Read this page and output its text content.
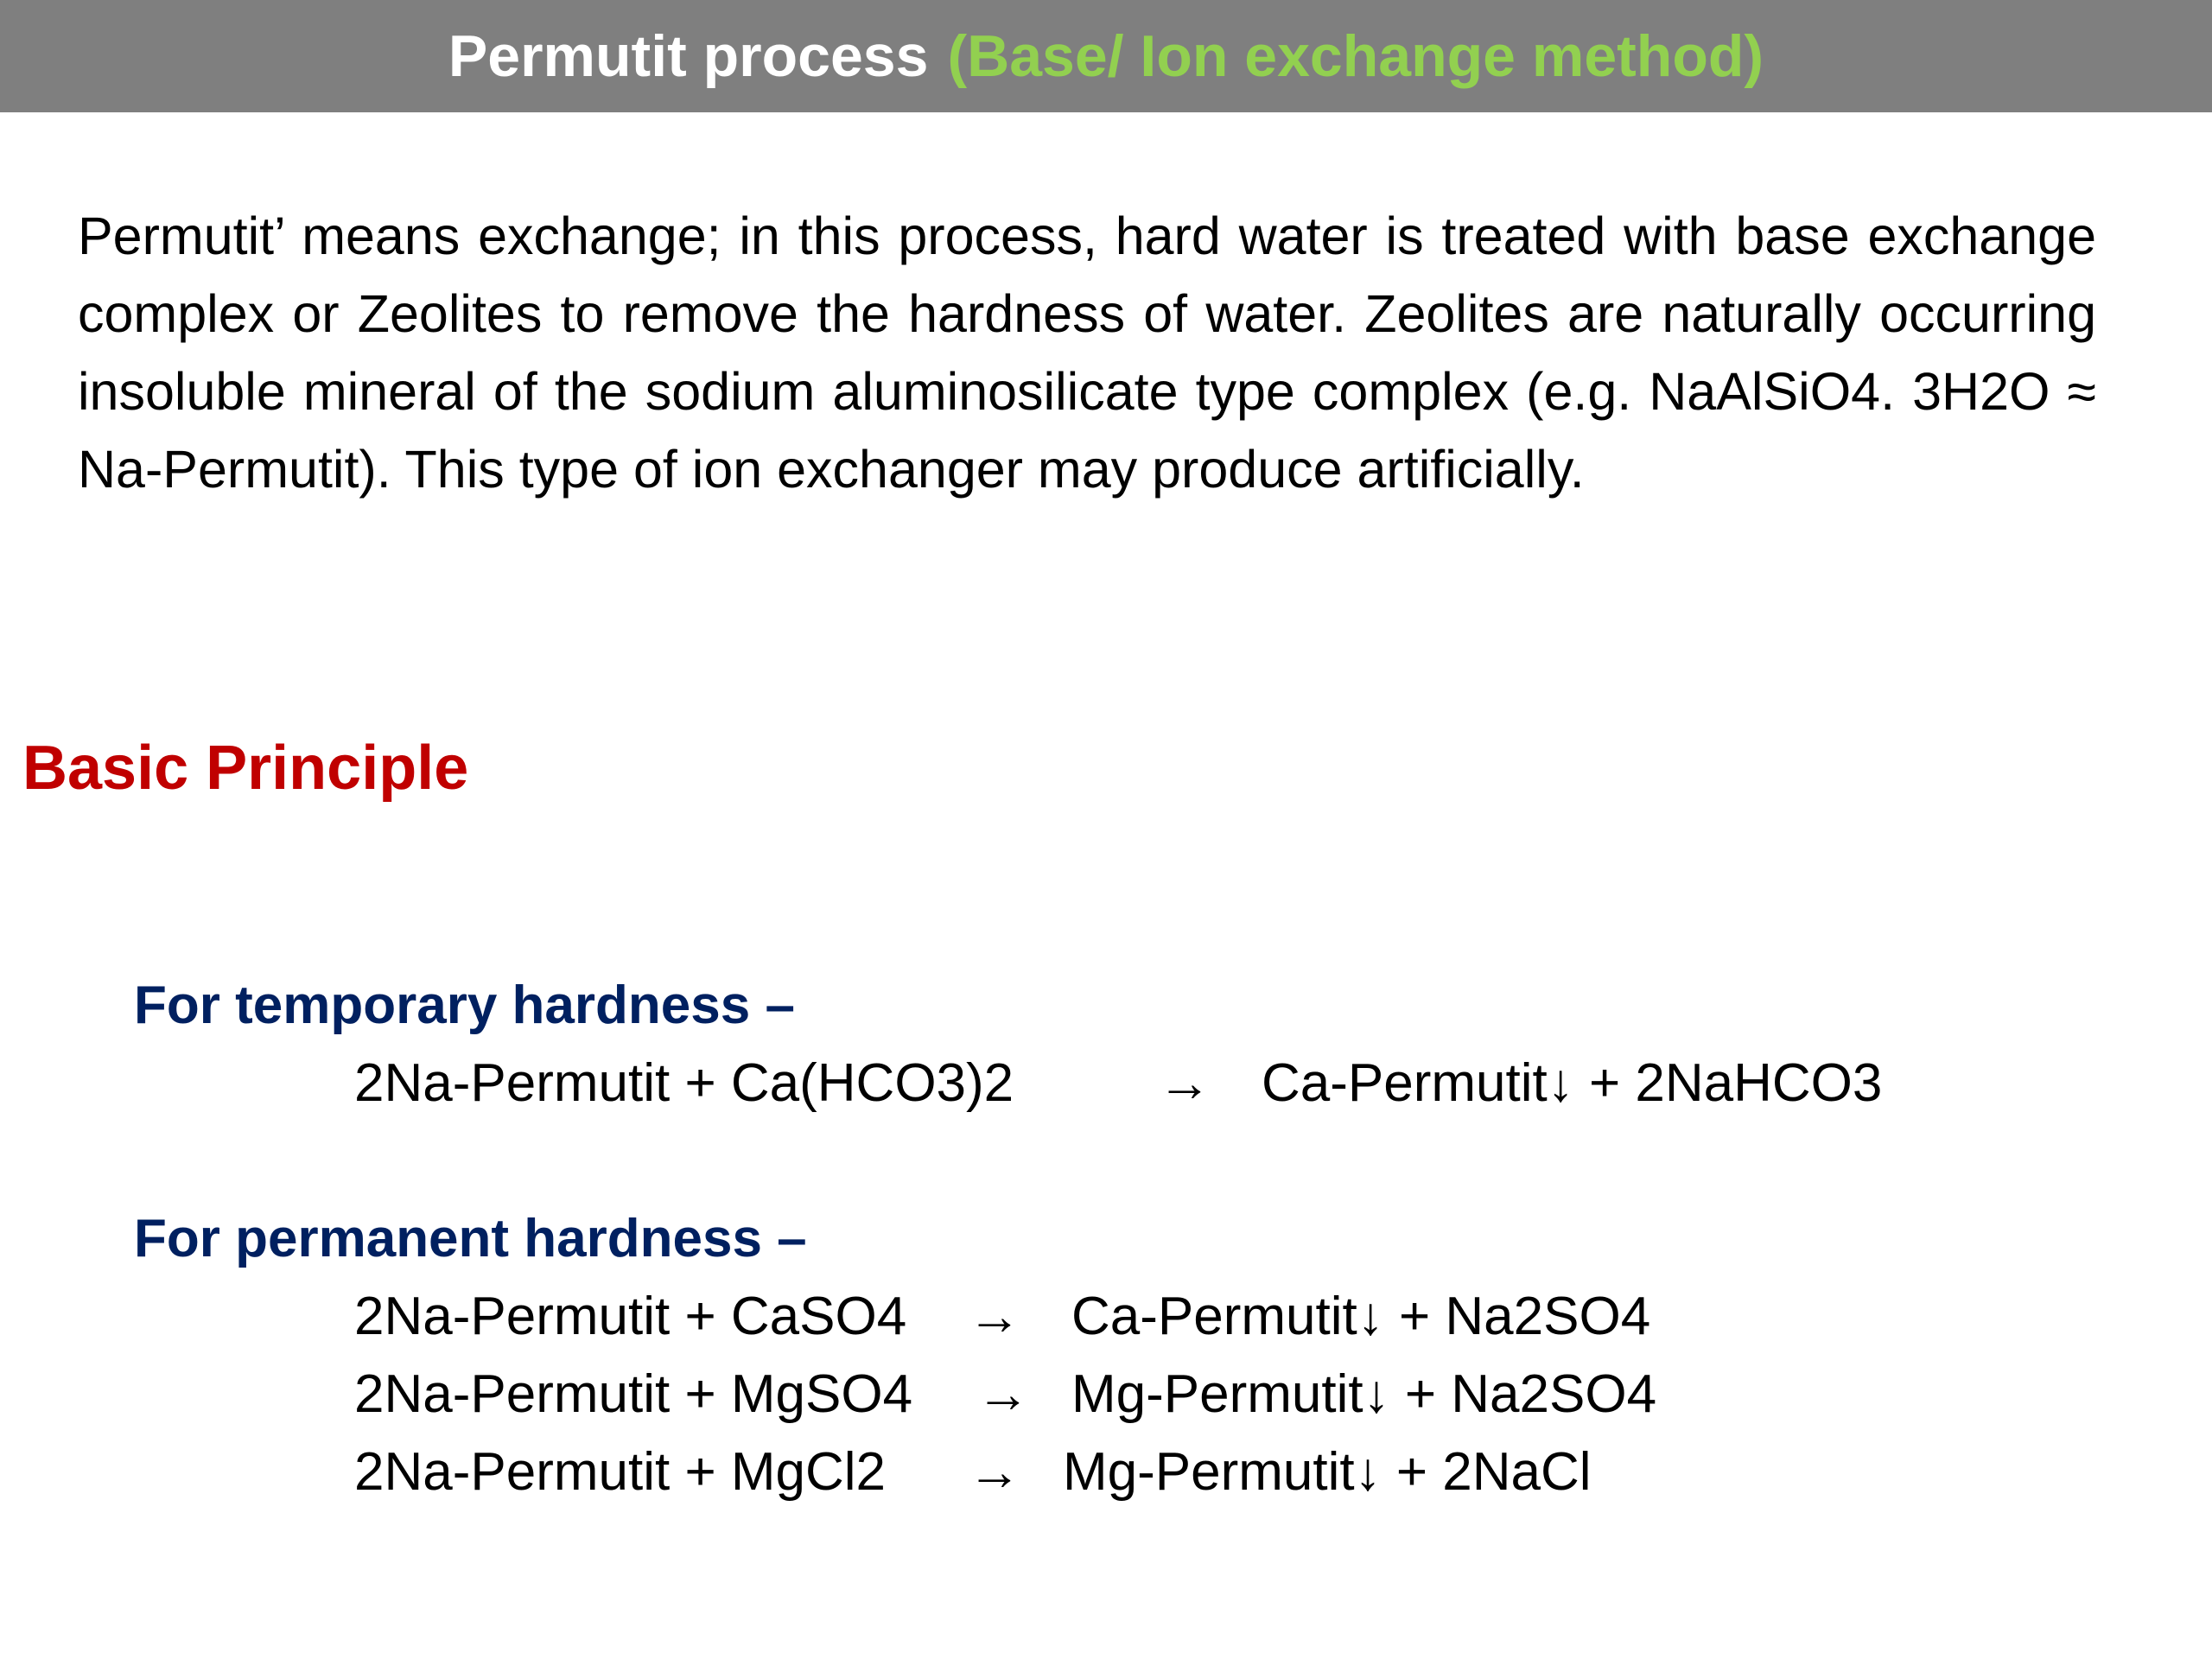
Permutit process (Base/ Ion exchange method)

Permutit’ means exchange; in this process, hard water is treated with base exchange complex or Zeolites to remove the hardness of water. Zeolites are naturally occurring insoluble mineral of the sodium aluminosilicate type complex (e.g. NaAlSiO4. 3H2O ≈ Na-Permutit). This type of ion exchanger may produce artificially.

Basic Principle
For temporary hardness –
2Na-Permutit + Ca(HCO3)2	→ Ca-Permutit↓ + 2NaHCO3
For permanent hardness –
2Na-Permutit + CaSO4 → Ca-Permutit↓ + Na2SO4
2Na-Permutit + MgSO4 → Mg-Permutit↓ + Na2SO4
2Na-Permutit + MgCl2 → Mg-Permutit↓ + 2NaCl
